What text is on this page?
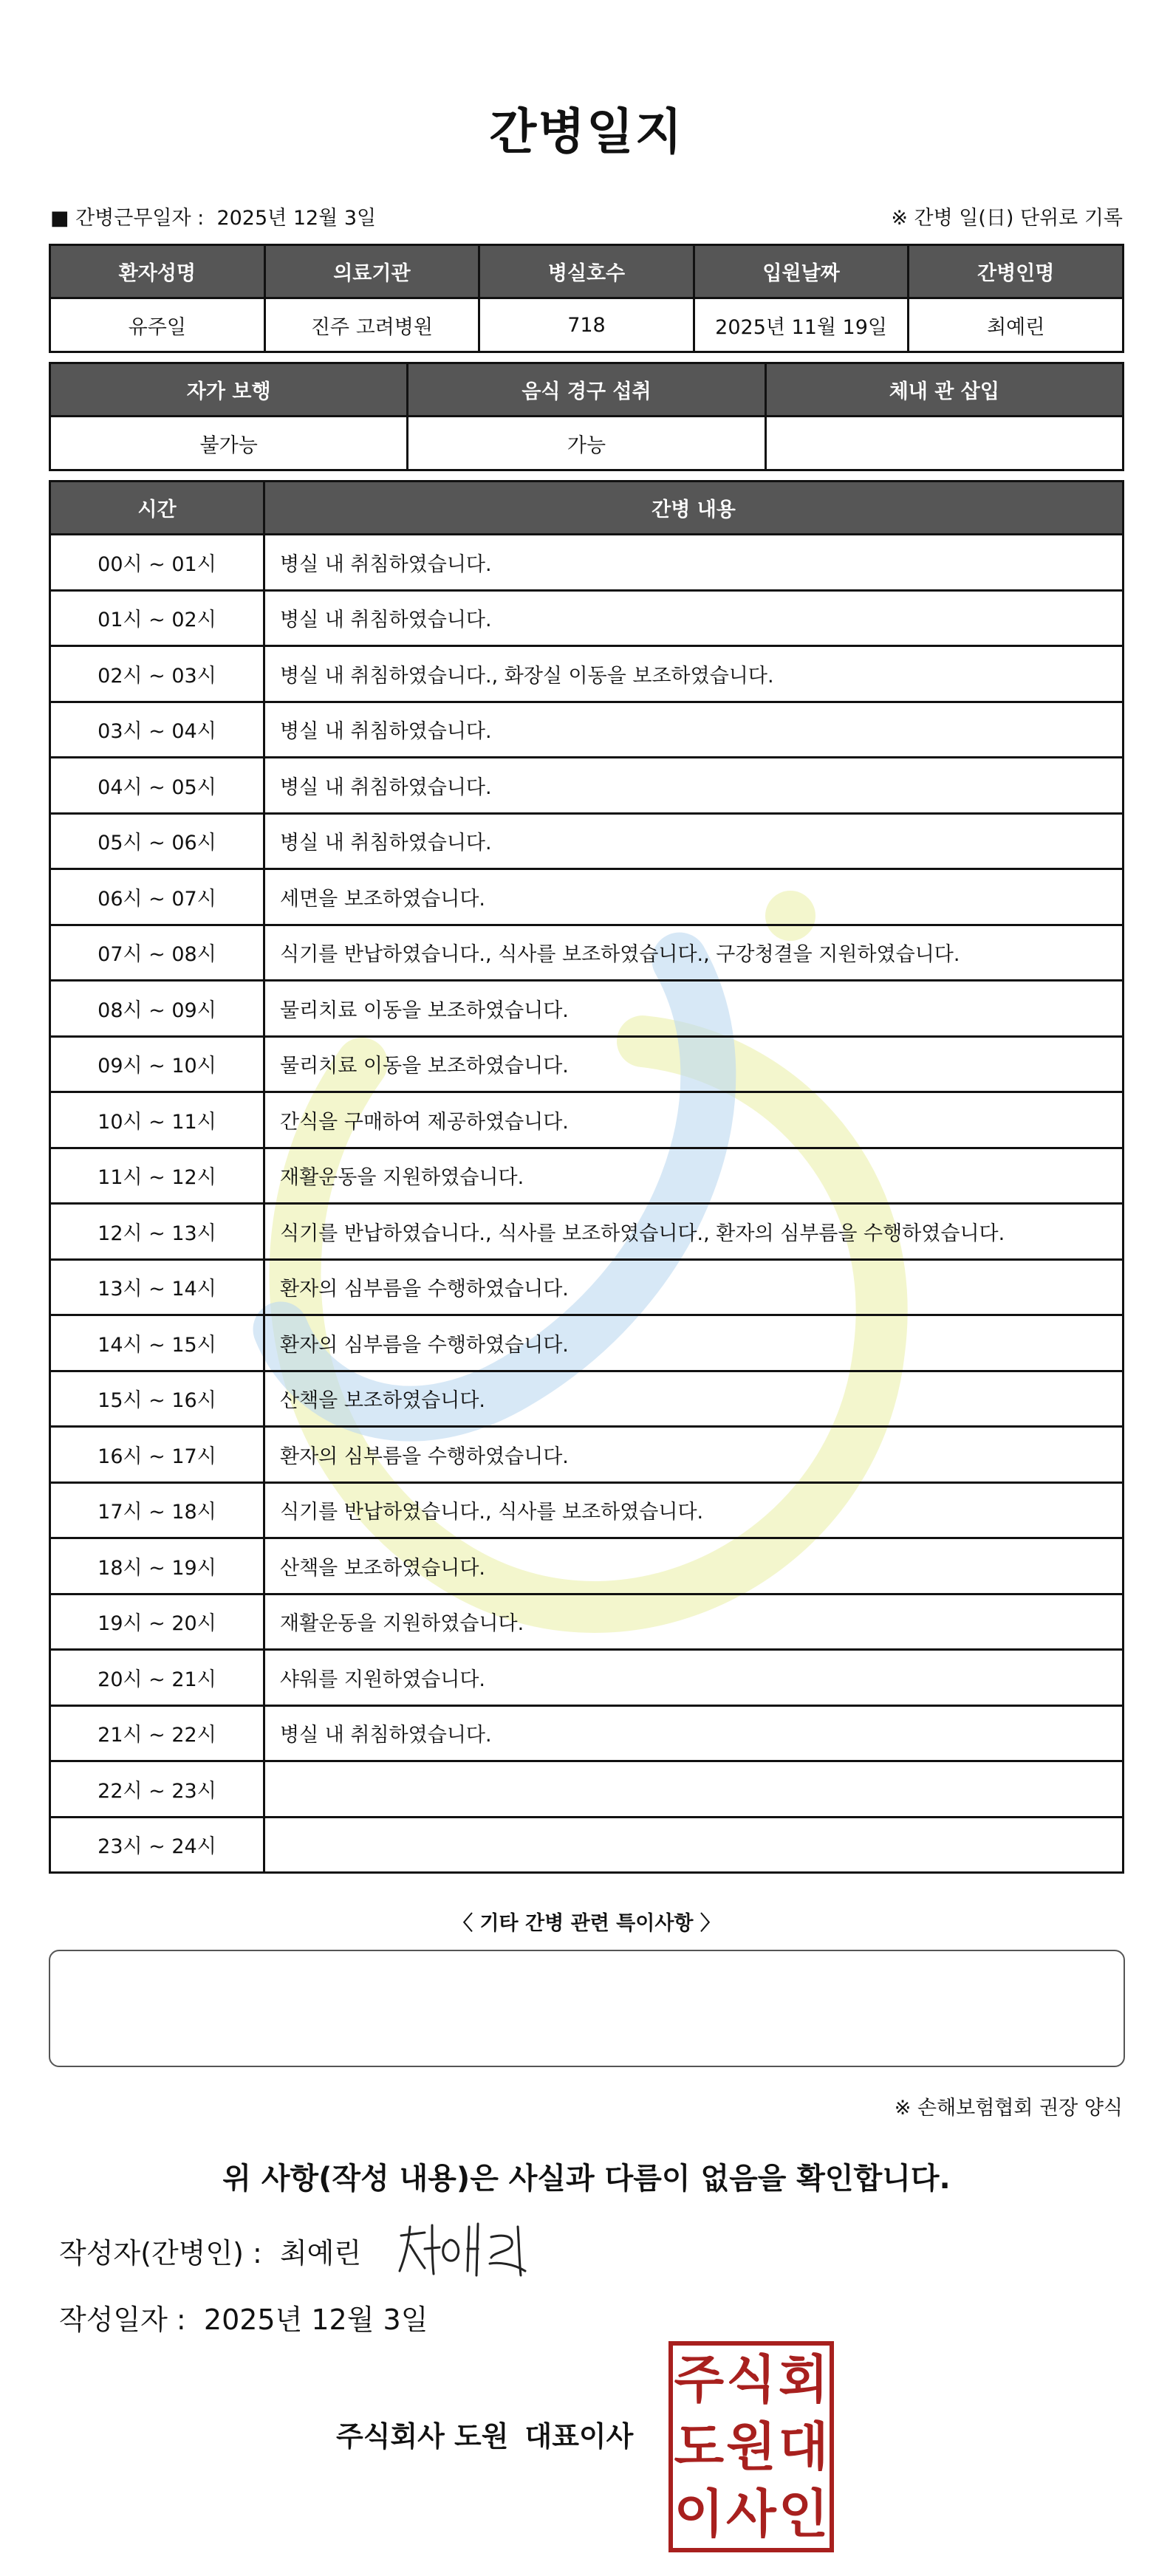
간병일지
■ 간병근무일자 :  2025년 12월 3일	※ 간병 일(日) 단위로 기록
환자성명	의료기관	병실호수	입원날짜	간병인명
유주일	진주 고려병원	718	2025년 11월 19일	최예린
자가 보행	음식 경구 섭취	체내 관 삽입
불가능	가능	
시간	간병 내용
00시 ~ 01시	병실 내 취침하였습니다.
01시 ~ 02시	병실 내 취침하였습니다.
02시 ~ 03시	병실 내 취침하였습니다., 화장실 이동을 보조하였습니다.
03시 ~ 04시	병실 내 취침하였습니다.
04시 ~ 05시	병실 내 취침하였습니다.
05시 ~ 06시	병실 내 취침하였습니다.
06시 ~ 07시	세면을 보조하였습니다.
07시 ~ 08시	식기를 반납하였습니다., 식사를 보조하였습니다., 구강청결을 지원하였습니다.
08시 ~ 09시	물리치료 이동을 보조하였습니다.
09시 ~ 10시	물리치료 이동을 보조하였습니다.
10시 ~ 11시	간식을 구매하여 제공하였습니다.
11시 ~ 12시	재활운동을 지원하였습니다.
12시 ~ 13시	식기를 반납하였습니다., 식사를 보조하였습니다., 환자의 심부름을 수행하였습니다.
13시 ~ 14시	환자의 심부름을 수행하였습니다.
14시 ~ 15시	환자의 심부름을 수행하였습니다.
15시 ~ 16시	산책을 보조하였습니다.
16시 ~ 17시	환자의 심부름을 수행하였습니다.
17시 ~ 18시	식기를 반납하였습니다., 식사를 보조하였습니다.
18시 ~ 19시	산책을 보조하였습니다.
19시 ~ 20시	재활운동을 지원하였습니다.
20시 ~ 21시	샤워를 지원하였습니다.
21시 ~ 22시	병실 내 취침하였습니다.
22시 ~ 23시	
23시 ~ 24시	
〈 기타 간병 관련 특이사항 〉
※ 손해보험협회 권장 양식
위 사항(작성 내용)은 사실과 다름이 없음을 확인합니다.
작성자(간병인) : 최예린
작성일자 : 2025년 12월 3일
주식회사 도원 대표이사
주 식 회
도 원 대
이 사 인
